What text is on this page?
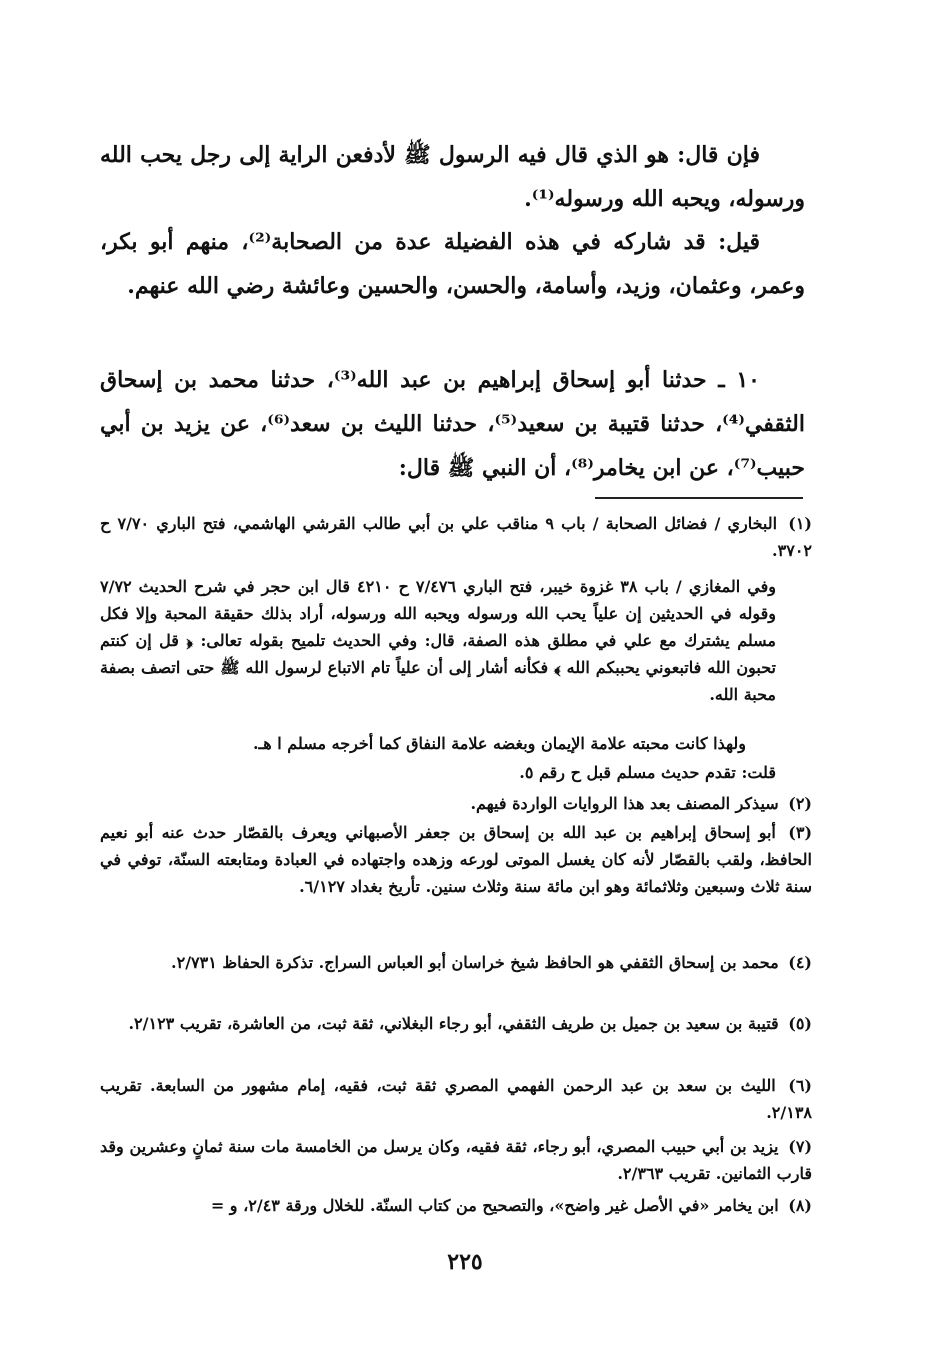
فإن قال: هو الذي قال فيه الرسول ﷺ لأدفعن الراية إلى رجل يحب الله ورسوله، ويحبه الله ورسوله⁽¹⁾.

قيل: قد شاركه في هذه الفضيلة عدة من الصحابة⁽²⁾، منهم أبو بكر، وعمر، وعثمان، وزيد، وأسامة، والحسن، والحسين وعائشة رضي الله عنهم.

١٠ ـ حدثنا أبو إسحاق إبراهيم بن عبد الله⁽³⁾، حدثنا محمد بن إسحاق الثقفي⁽⁴⁾، حدثنا قتيبة بن سعيد⁽⁵⁾، حدثنا الليث بن سعد⁽⁶⁾، عن يزيد بن أبي حبيب⁽⁷⁾، عن ابن يخامر⁽⁸⁾، أن النبي ﷺ قال:

(١) البخاري / فضائل الصحابة / باب ٩ مناقب علي بن أبي طالب القرشي الهاشمي، فتح الباري ٧/٧٠ ح ٣٧٠٢.

وفي المغازي / باب ٣٨ غزوة خيبر، فتح الباري ٧/٤٧٦ ح ٤٢١٠ قال ابن حجر في شرح الحديث ٧/٧٢ وقوله في الحديثين إن علياً يحب الله ورسوله ويحبه الله ورسوله، أراد بذلك حقيقة المحبة وإلا فكل مسلم يشترك مع علي في مطلق هذه الصفة، قال: وفي الحديث تلميح بقوله تعالى: ﴿ قل إن كنتم تحبون الله فاتبعوني يحببكم الله ﴾ فكأنه أشار إلى أن علياً تام الاتباع لرسول الله ﷺ حتى اتصف بصفة محبة الله.

ولهذا كانت محبته علامة الإيمان وبغضه علامة النفاق كما أخرجه مسلم ا هـ.

قلت: تقدم حديث مسلم قبل ح رقم ٥.

(٢) سيذكر المصنف بعد هذا الروايات الواردة فيهم.

(٣) أبو إسحاق إبراهيم بن عبد الله بن إسحاق بن جعفر الأصبهاني ويعرف بالقصّار حدث عنه أبو نعيم الحافظ، ولقب بالقصّار لأنه كان يغسل الموتى لورعه وزهده واجتهاده في العبادة ومتابعته السنّة، توفي في سنة ثلاث وسبعين وثلاثمائة وهو ابن مائة سنة وثلاث سنين. تأريخ بغداد ٦/١٢٧.

(٤) محمد بن إسحاق الثقفي هو الحافظ شيخ خراسان أبو العباس السراج. تذكرة الحفاظ ٢/٧٣١.

(٥) قتيبة بن سعيد بن جميل بن طريف الثقفي، أبو رجاء البغلاني، ثقة ثبت، من العاشرة، تقريب ٢/١٢٣.

(٦) الليث بن سعد بن عبد الرحمن الفهمي المصري ثقة ثبت، فقيه، إمام مشهور من السابعة. تقريب ٢/١٣٨.

(٧) يزيد بن أبي حبيب المصري، أبو رجاء، ثقة فقيه، وكان يرسل من الخامسة مات سنة ثمانٍ وعشرين وقد قارب الثمانين. تقريب ٢/٣٦٣.

(٨) ابن يخامر «في الأصل غير واضح»، والتصحيح من كتاب السنّة. للخلال ورقة ٢/٤٣، و =

٢٢٥
